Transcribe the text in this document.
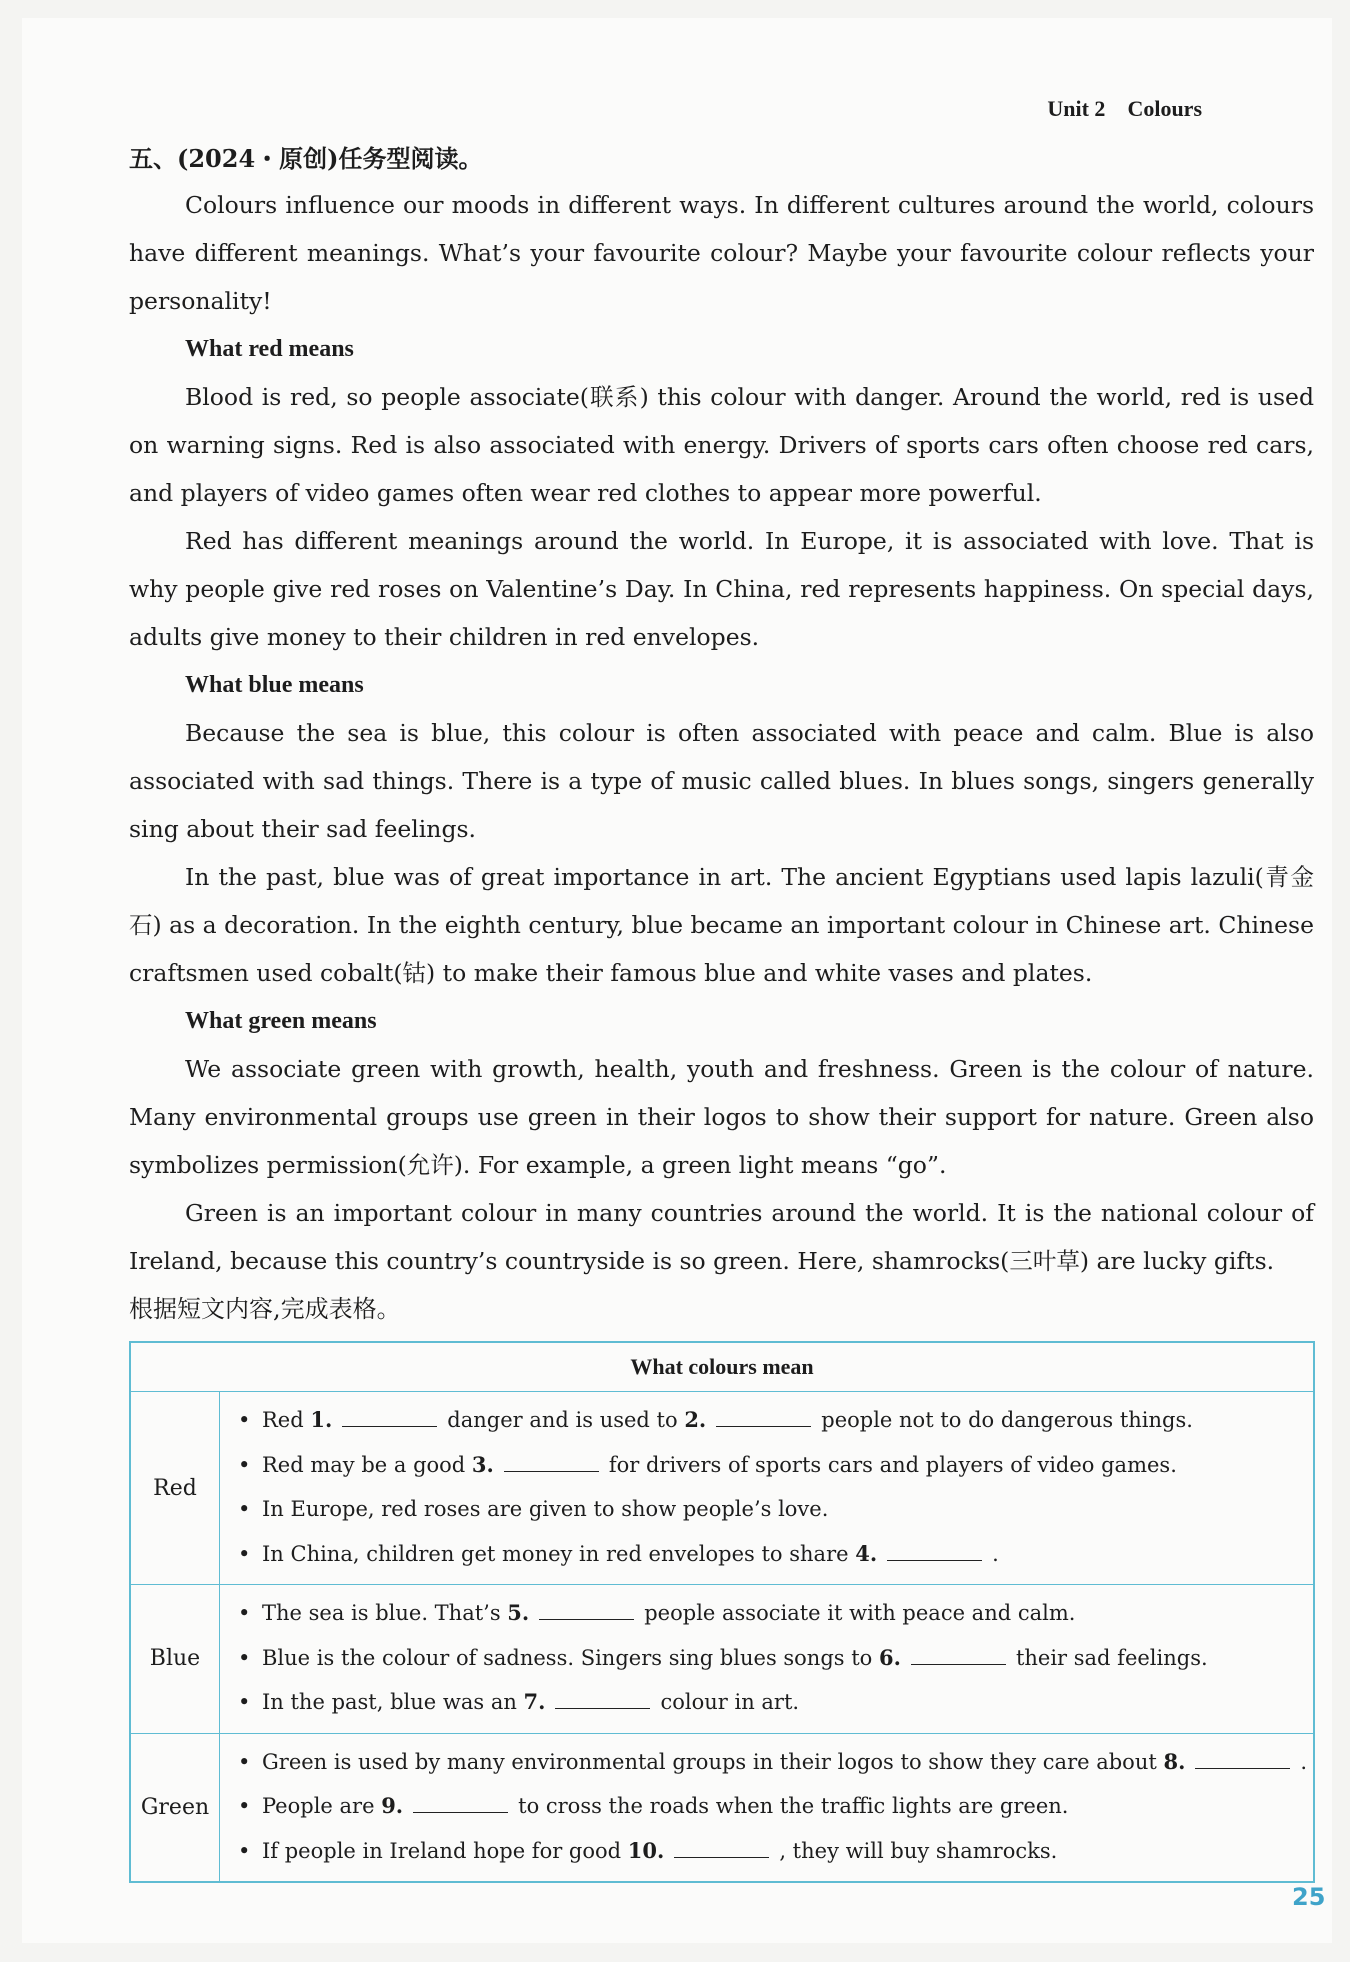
Unit 2 Colours

五、(2024・原创)任务型阅读。

Colours influence our moods in different ways. In different cultures around the world, colours have different meanings. What’s your favourite colour? Maybe your favourite colour reflects your personality!

What red means

Blood is red, so people associate(联系) this colour with danger. Around the world, red is used on warning signs. Red is also associated with energy. Drivers of sports cars often choose red cars, and players of video games often wear red clothes to appear more powerful.

Red has different meanings around the world. In Europe, it is associated with love. That is why people give red roses on Valentine’s Day. In China, red represents happiness. On special days, adults give money to their children in red envelopes.

What blue means

Because the sea is blue, this colour is often associated with peace and calm. Blue is also associated with sad things. There is a type of music called blues. In blues songs, singers generally sing about their sad feelings.

In the past, blue was of great importance in art. The ancient Egyptians used lapis lazuli(青金石) as a decoration. In the eighth century, blue became an important colour in Chinese art. Chinese craftsmen used cobalt(钴) to make their famous blue and white vases and plates.

What green means

We associate green with growth, health, youth and freshness. Green is the colour of nature. Many environmental groups use green in their logos to show their support for nature. Green also symbolizes permission(允许). For example, a green light means “go”.

Green is an important colour in many countries around the world. It is the national colour of Ireland, because this country’s countryside is so green. Here, shamrocks(三叶草) are lucky gifts.

根据短文内容,完成表格。

What colours mean	
Red	• Red 1. danger and is used to 2. people not to do dangerous things.
• Red may be a good 3. for drivers of sports cars and players of video games.
• In Europe, red roses are given to show people’s love.
• In China, children get money in red envelopes to share 4. .

Blue	• The sea is blue. That’s 5. people associate it with peace and calm.
• Blue is the colour of sadness. Singers sing blues songs to 6. their sad feelings.
• In the past, blue was an 7. colour in art.

Green	• Green is used by many environmental groups in their logos to show they care about 8. .
• People are 9. to cross the roads when the traffic lights are green.
• If people in Ireland hope for good 10. , they will buy shamrocks.
25
